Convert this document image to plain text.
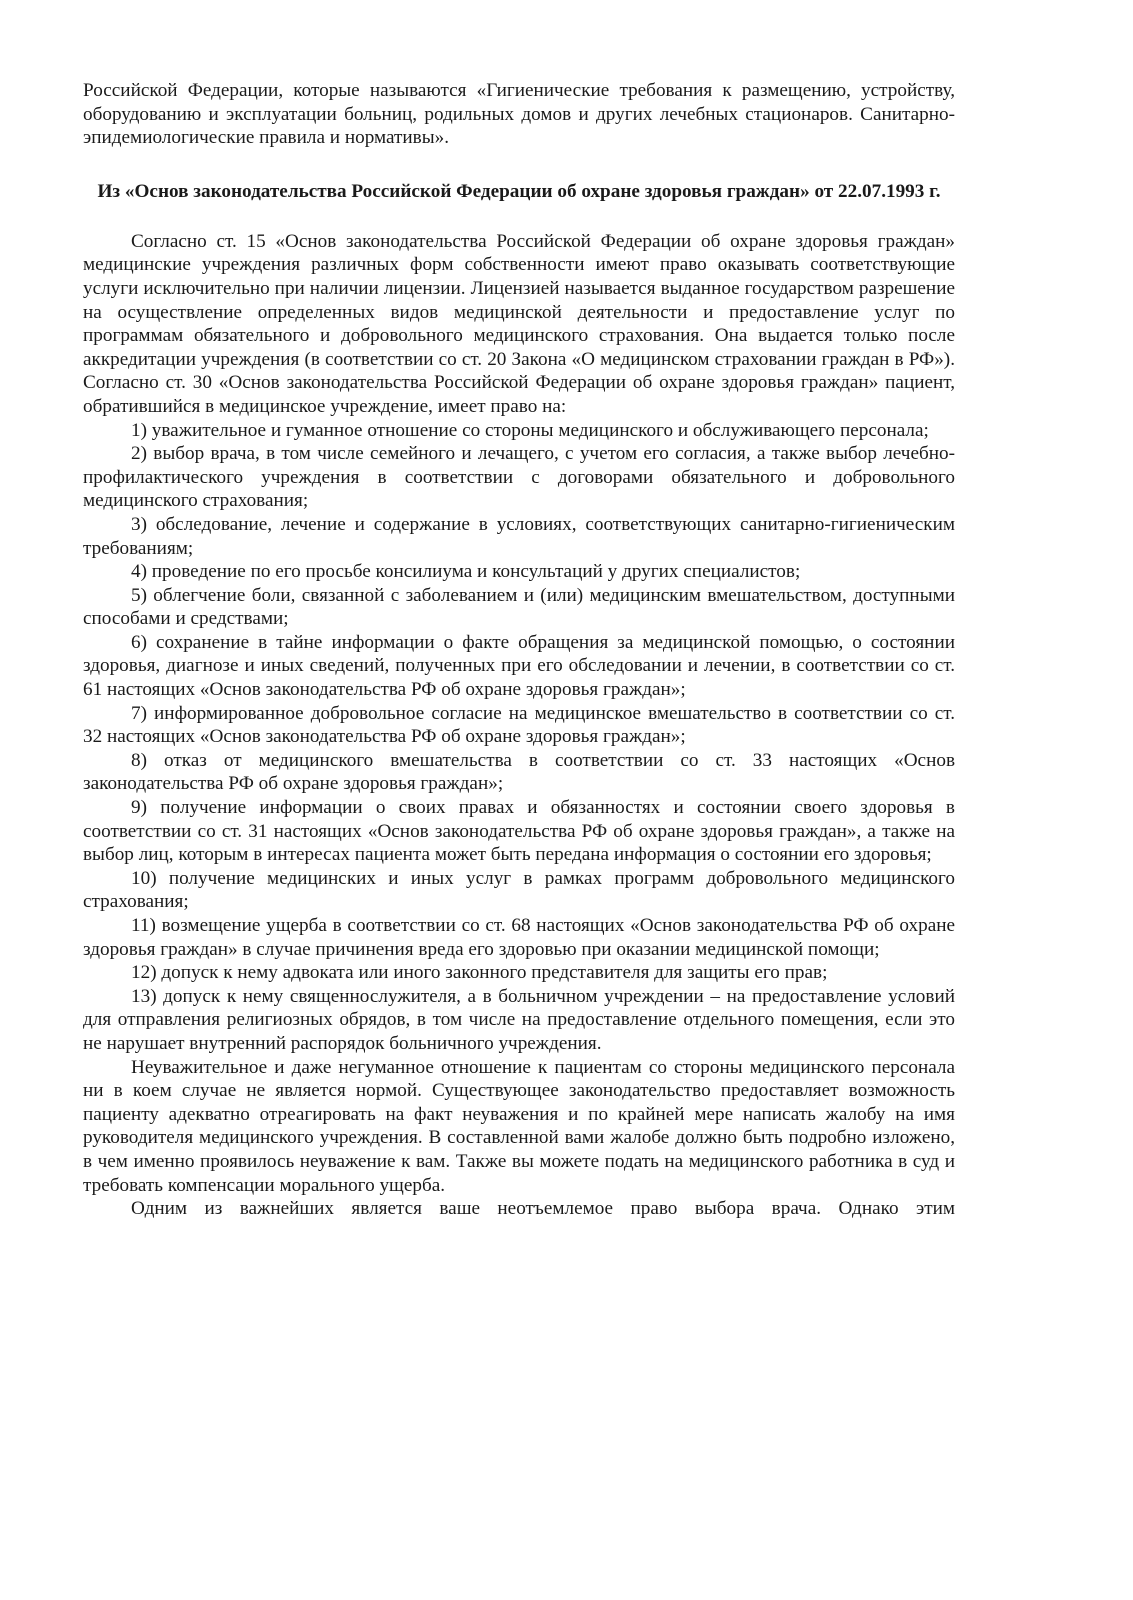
Российской Федерации, которые называются «Гигиенические требования к размещению, устройству, оборудованию и эксплуатации больниц, родильных домов и других лечебных стационаров. Санитарно-эпидемиологические правила и нормативы».

Из «Основ законодательства Российской Федерации об охране здоровья граждан» от 22.07.1993 г.

Согласно ст. 15 «Основ законодательства Российской Федерации об охране здоровья граждан» медицинские учреждения различных форм собственности имеют право оказывать соответствующие услуги исключительно при наличии лицензии. Лицензией называется выданное государством разрешение на осуществление определенных видов медицинской деятельности и предоставление услуг по программам обязательного и добровольного медицинского страхования. Она выдается только после аккредитации учреждения (в соответствии со ст. 20 Закона «О медицинском страховании граждан в РФ»). Согласно ст. 30 «Основ законодательства Российской Федерации об охране здоровья граждан» пациент, обратившийся в медицинское учреждение, имеет право на:

1) уважительное и гуманное отношение со стороны медицинского и обслуживающего персонала;

2) выбор врача, в том числе семейного и лечащего, с учетом его согласия, а также выбор лечебно-профилактического учреждения в соответствии с договорами обязательного и добровольного медицинского страхования;

3) обследование, лечение и содержание в условиях, соответствующих санитарно-гигиеническим требованиям;

4) проведение по его просьбе консилиума и консультаций у других специалистов;

5) облегчение боли, связанной с заболеванием и (или) медицинским вмешательством, доступными способами и средствами;

6) сохранение в тайне информации о факте обращения за медицинской помощью, о состоянии здоровья, диагнозе и иных сведений, полученных при его обследовании и лечении, в соответствии со ст. 61 настоящих «Основ законодательства РФ об охране здоровья граждан»;

7) информированное добровольное согласие на медицинское вмешательство в соответствии со ст. 32 настоящих «Основ законодательства РФ об охране здоровья граждан»;

8) отказ от медицинского вмешательства в соответствии со ст. 33 настоящих «Основ законодательства РФ об охране здоровья граждан»;

9) получение информации о своих правах и обязанностях и состоянии своего здоровья в соответствии со ст. 31 настоящих «Основ законодательства РФ об охране здоровья граждан», а также на выбор лиц, которым в интересах пациента может быть передана информация о состоянии его здоровья;

10) получение медицинских и иных услуг в рамках программ добровольного медицинского страхования;

11) возмещение ущерба в соответствии со ст. 68 настоящих «Основ законодательства РФ об охране здоровья граждан» в случае причинения вреда его здоровью при оказании медицинской помощи;

12) допуск к нему адвоката или иного законного представителя для защиты его прав;

13) допуск к нему священнослужителя, а в больничном учреждении – на предоставление условий для отправления религиозных обрядов, в том числе на предоставление отдельного помещения, если это не нарушает внутренний распорядок больничного учреждения.

Неуважительное и даже негуманное отношение к пациентам со стороны медицинского персонала ни в коем случае не является нормой. Существующее законодательство предоставляет возможность пациенту адекватно отреагировать на факт неуважения и по крайней мере написать жалобу на имя руководителя медицинского учреждения. В составленной вами жалобе должно быть подробно изложено, в чем именно проявилось неуважение к вам. Также вы можете подать на медицинского работника в суд и требовать компенсации морального ущерба.

Одним из важнейших является ваше неотъемлемое право выбора врача. Однако этим
